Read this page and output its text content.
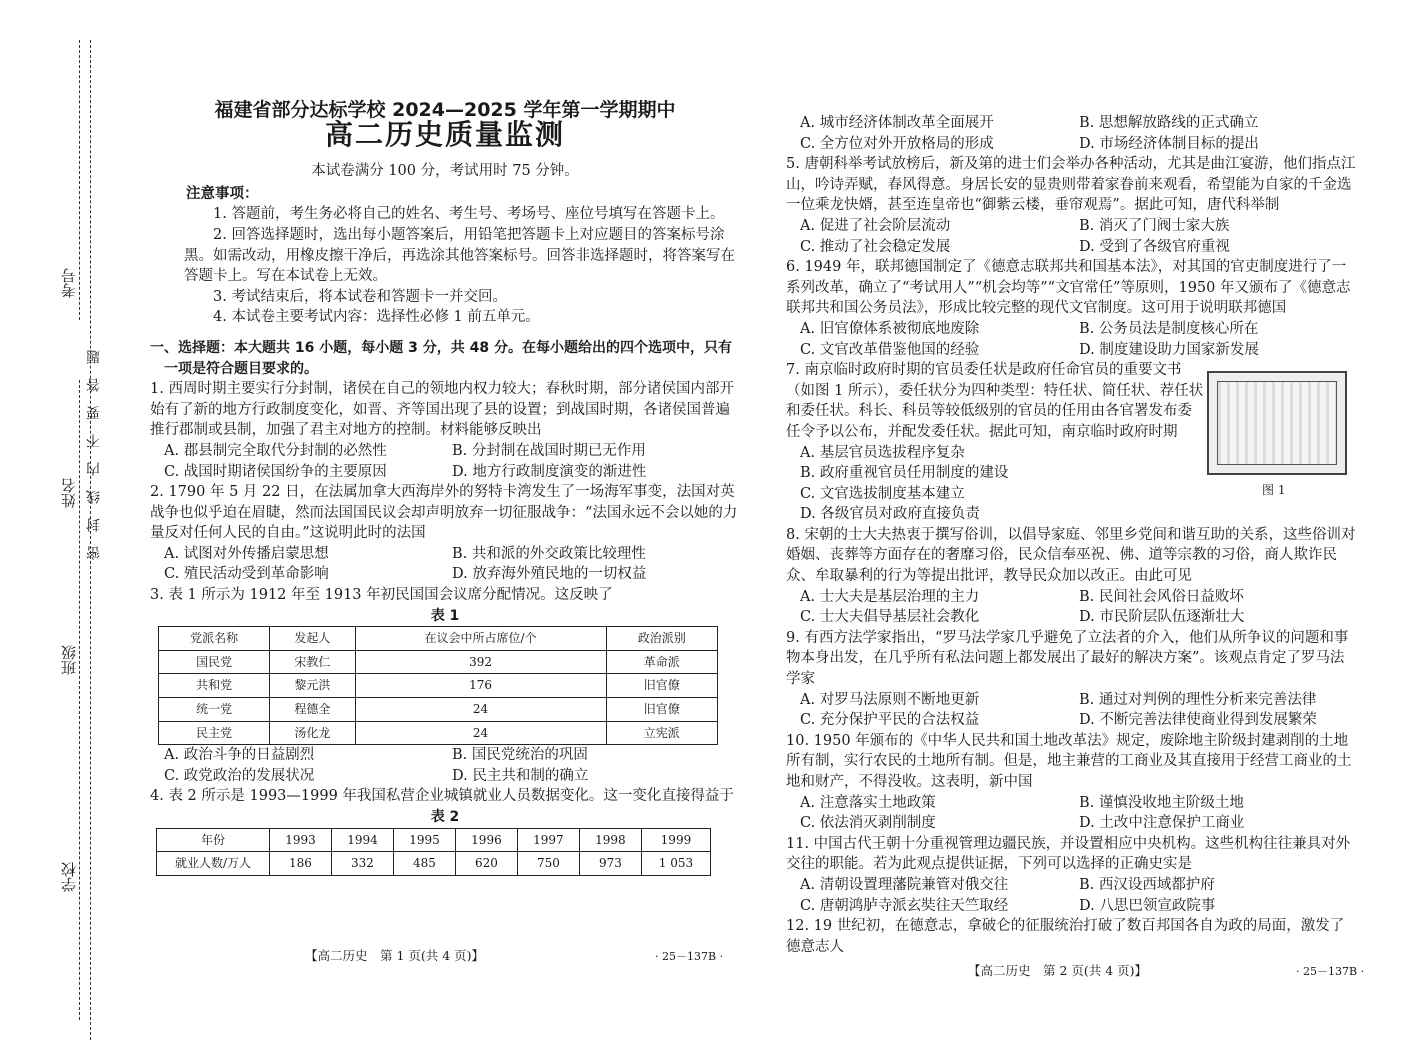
考号
姓名
班级
学校
密　封　线　内　不　要　答　题
福建省部分达标学校 2024—2025 学年第一学期期中
高二历史质量监测
本试卷满分 100 分，考试用时 75 分钟。
注意事项：

1. 答题前，考生务必将自己的姓名、考生号、考场号、座位号填写在答题卡上。

2. 回答选择题时，选出每小题答案后，用铅笔把答题卡上对应题目的答案标号涂黑。如需改动，用橡皮擦干净后，再选涂其他答案标号。回答非选择题时，将答案写在答题卡上。写在本试卷上无效。

3. 考试结束后，将本试卷和答题卡一并交回。

4. 本试卷主要考试内容：选择性必修 1 前五单元。

一、选择题：本大题共 16 小题，每小题 3 分，共 48 分。在每小题给出的四个选项中，只有一项是符合题目要求的。

1. 西周时期主要实行分封制，诸侯在自己的领地内权力较大；春秋时期，部分诸侯国内部开始有了新的地方行政制度变化，如晋、齐等国出现了县的设置；到战国时期，各诸侯国普遍推行郡制或县制，加强了君主对地方的控制。材料能够反映出

A. 郡县制完全取代分封制的必然性	B. 分封制在战国时期已无作用
C. 战国时期诸侯国纷争的主要原因	D. 地方行政制度演变的渐进性

2. 1790 年 5 月 22 日，在法属加拿大西海岸外的努特卡湾发生了一场海军事变，法国对英战争也似乎迫在眉睫，然而法国国民议会却声明放弃一切征服战争：“法国永远不会以她的力量反对任何人民的自由。”这说明此时的法国

A. 试图对外传播启蒙思想	B. 共和派的外交政策比较理性
C. 殖民活动受到革命影响	D. 放弃海外殖民地的一切权益

3. 表 1 所示为 1912 年至 1913 年初民国国会议席分配情况。这反映了

表 1
党派名称	发起人	在议会中所占席位/个	政治派别
国民党	宋教仁	392	革命派
共和党	黎元洪	176	旧官僚
统一党	程德全	24	旧官僚
民主党	汤化龙	24	立宪派
A. 政治斗争的日益剧烈	B. 国民党统治的巩固
C. 政党政治的发展状况	D. 民主共和制的确立

4. 表 2 所示是 1993—1999 年我国私营企业城镇就业人员数据变化。这一变化直接得益于

表 2
年份	1993	1994	1995	1996	1997	1998	1999
就业人数/万人	186	332	485	620	750	973	1 053
【高二历史　第 1 页(共 4 页)】	· 25－137B ·
A. 城市经济体制改革全面展开	B. 思想解放路线的正式确立
C. 全方位对外开放格局的形成	D. 市场经济体制目标的提出

5. 唐朝科举考试放榜后，新及第的进士们会举办各种活动，尤其是曲江宴游，他们指点江山，吟诗弄赋，春风得意。身居长安的显贵则带着家眷前来观看，希望能为自家的千金选一位乘龙快婿，甚至连皇帝也“御紫云楼，垂帘观焉”。据此可知，唐代科举制

A. 促进了社会阶层流动	B. 消灭了门阀士家大族
C. 推动了社会稳定发展	D. 受到了各级官府重视

6. 1949 年，联邦德国制定了《德意志联邦共和国基本法》，对其国的官吏制度进行了一系列改革，确立了“考试用人”“机会均等”“文官常任”等原则，1950 年又颁布了《德意志联邦共和国公务员法》，形成比较完整的现代文官制度。这可用于说明联邦德国

A. 旧官僚体系被彻底地废除	B. 公务员法是制度核心所在
C. 文官改革借鉴他国的经验	D. 制度建设助力国家新发展

7. 南京临时政府时期的官员委任状是政府任命官员的重要文书（如图 1 所示），委任状分为四种类型：特任状、简任状、荐任状和委任状。科长、科员等较低级别的官员的任用由各官署发布委任令予以公布，并配发委任状。据此可知，南京临时政府时期

A. 基层官员选拔程序复杂
B. 政府重视官员任用制度的建设
C. 文官选拔制度基本建立
D. 各级官员对政府直接负责

8. 宋朝的士大夫热衷于撰写俗训，以倡导家庭、邻里乡党间和谐互助的关系，这些俗训对婚姻、丧葬等方面存在的奢靡习俗，民众信奉巫祝、佛、道等宗教的习俗，商人欺诈民众、牟取暴利的行为等提出批评，教导民众加以改正。由此可见

A. 士大夫是基层治理的主力	B. 民间社会风俗日益败坏
C. 士大夫倡导基层社会教化	D. 市民阶层队伍逐渐壮大

9. 有西方法学家指出，“罗马法学家几乎避免了立法者的介入，他们从所争议的问题和事物本身出发，在几乎所有私法问题上都发展出了最好的解决方案”。该观点肯定了罗马法学家

A. 对罗马法原则不断地更新	B. 通过对判例的理性分析来完善法律
C. 充分保护平民的合法权益	D. 不断完善法律使商业得到发展繁荣

10. 1950 年颁布的《中华人民共和国土地改革法》规定，废除地主阶级封建剥削的土地所有制，实行农民的土地所有制。但是，地主兼营的工商业及其直接用于经营工商业的土地和财产，不得没收。这表明，新中国

A. 注意落实土地政策	B. 谨慎没收地主阶级土地
C. 依法消灭剥削制度	D. 土改中注意保护工商业

11. 中国古代王朝十分重视管理边疆民族，并设置相应中央机构。这些机构往往兼具对外交往的职能。若为此观点提供证据，下列可以选择的正确史实是

A. 清朝设置理藩院兼管对俄交往	B. 西汉设西域都护府
C. 唐朝鸿胪寺派玄奘往天竺取经	D. 八思巴领宣政院事

12. 19 世纪初，在德意志，拿破仑的征服统治打破了数百邦国各自为政的局面，激发了德意志人

图 1
【高二历史　第 2 页(共 4 页)】	· 25－137B ·
